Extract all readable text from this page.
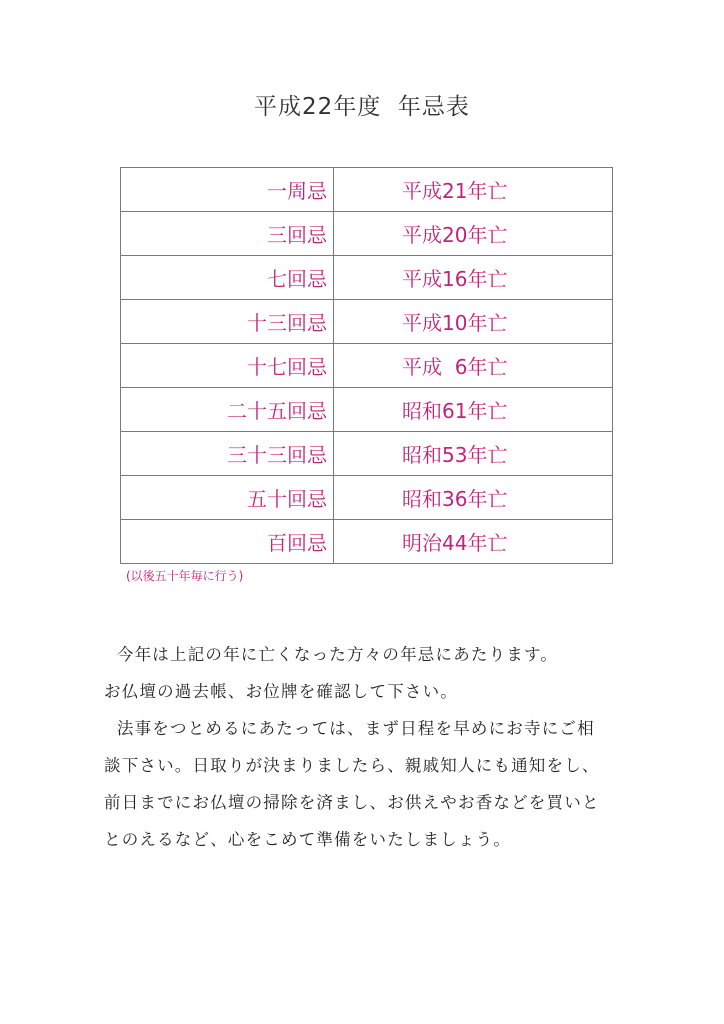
平成22年度  年忌表
一周忌	平成21年亡
三回忌	平成20年亡
七回忌	平成16年亡
十三回忌	平成10年亡
十七回忌	平成  6年亡
二十五回忌	昭和61年亡
三十三回忌	昭和53年亡
五十回忌	昭和36年亡
百回忌	明治44年亡
(以後五十年毎に行う)

今年は上記の年に亡くなった方々の年忌にあたります。

お仏壇の過去帳、お位牌を確認して下さい。

法事をつとめるにあたっては、まず日程を早めにお寺にご相

談下さい。日取りが決まりましたら、親戚知人にも通知をし、

前日までにお仏壇の掃除を済まし、お供えやお香などを買いと

とのえるなど、心をこめて準備をいたしましょう。
